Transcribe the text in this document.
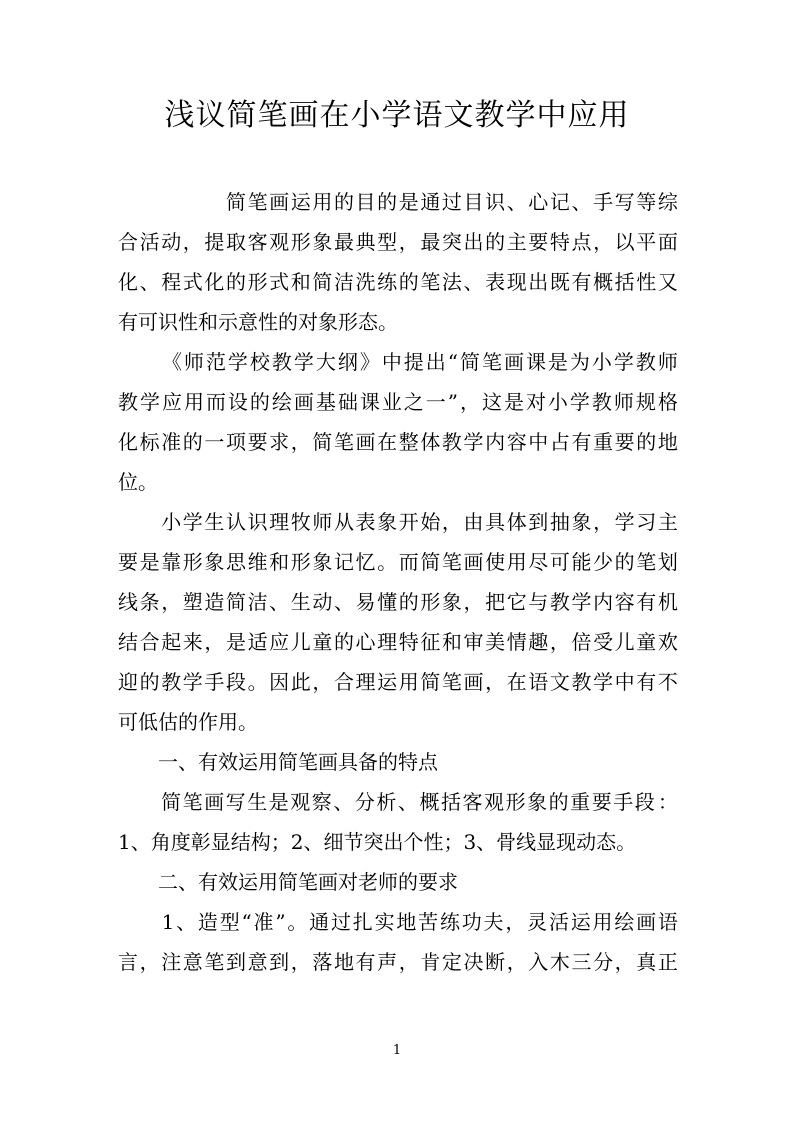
浅议简笔画在小学语文教学中应用

简 笔 画 运 用 的 目 的 是 通 过 目 识 、 心 记 、 手 写 等 综
合 活 动 ， 提 取 客 观 形 象 最 典 型 ， 最 突 出 的 主 要 特 点 ， 以 平 面
化 、 程 式 化 的 形 式 和 简 洁 洗 练 的 笔 法 、 表 现 出 既 有 概 括 性 又
有可识性和示意性的对象形态。

《 师 范 学 校 教 学 大 纲 》 中 提 出 “ 简 笔 画 课 是 为 小 学 教 师
教 学 应 用 而 设 的 绘 画 基 础 课 业 之 一 ” ， 这 是 对 小 学 教 师 规 格
化 标 准 的 一 项 要 求 ， 简 笔 画 在 整 体 教 学 内 容 中 占 有 重 要 的 地
位。

小 学 生 认 识 理 牧 师 从 表 象 开 始 ， 由 具 体 到 抽 象 ， 学 习 主
要 是 靠 形 象 思 维 和 形 象 记 忆 。 而 简 笔 画 使 用 尽 可 能 少 的 笔 划
线 条 ， 塑 造 简 洁 、 生 动 、 易 懂 的 形 象 ， 把 它 与 教 学 内 容 有 机
结 合 起 来 ， 是 适 应 儿 童 的 心 理 特 征 和 审 美 情 趣 ， 倍 受 儿 童 欢
迎 的 教 学 手 段 。 因 此 ， 合 理 运 用 简 笔 画 ， 在 语 文 教 学 中 有 不
可低估的作用。
　　一、有效运用简笔画具备的特点

简 笔 画 写 生 是 观 察 、 分 析 、 概 括 客 观 形 象 的 重 要 手 段 ：
1、角度彰显结构；2、细节突出个性；3、骨线显现动态。
　　二、有效运用简笔画对老师的要求

1 、 造 型 “ 准 ” 。 通 过 扎 实 地 苦 练 功 夫 ， 灵 活 运 用 绘 画 语
言 ， 注 意 笔 到 意 到 ， 落 地 有 声 ， 肯 定 决 断 ， 入 木 三 分 ， 真 正
1
